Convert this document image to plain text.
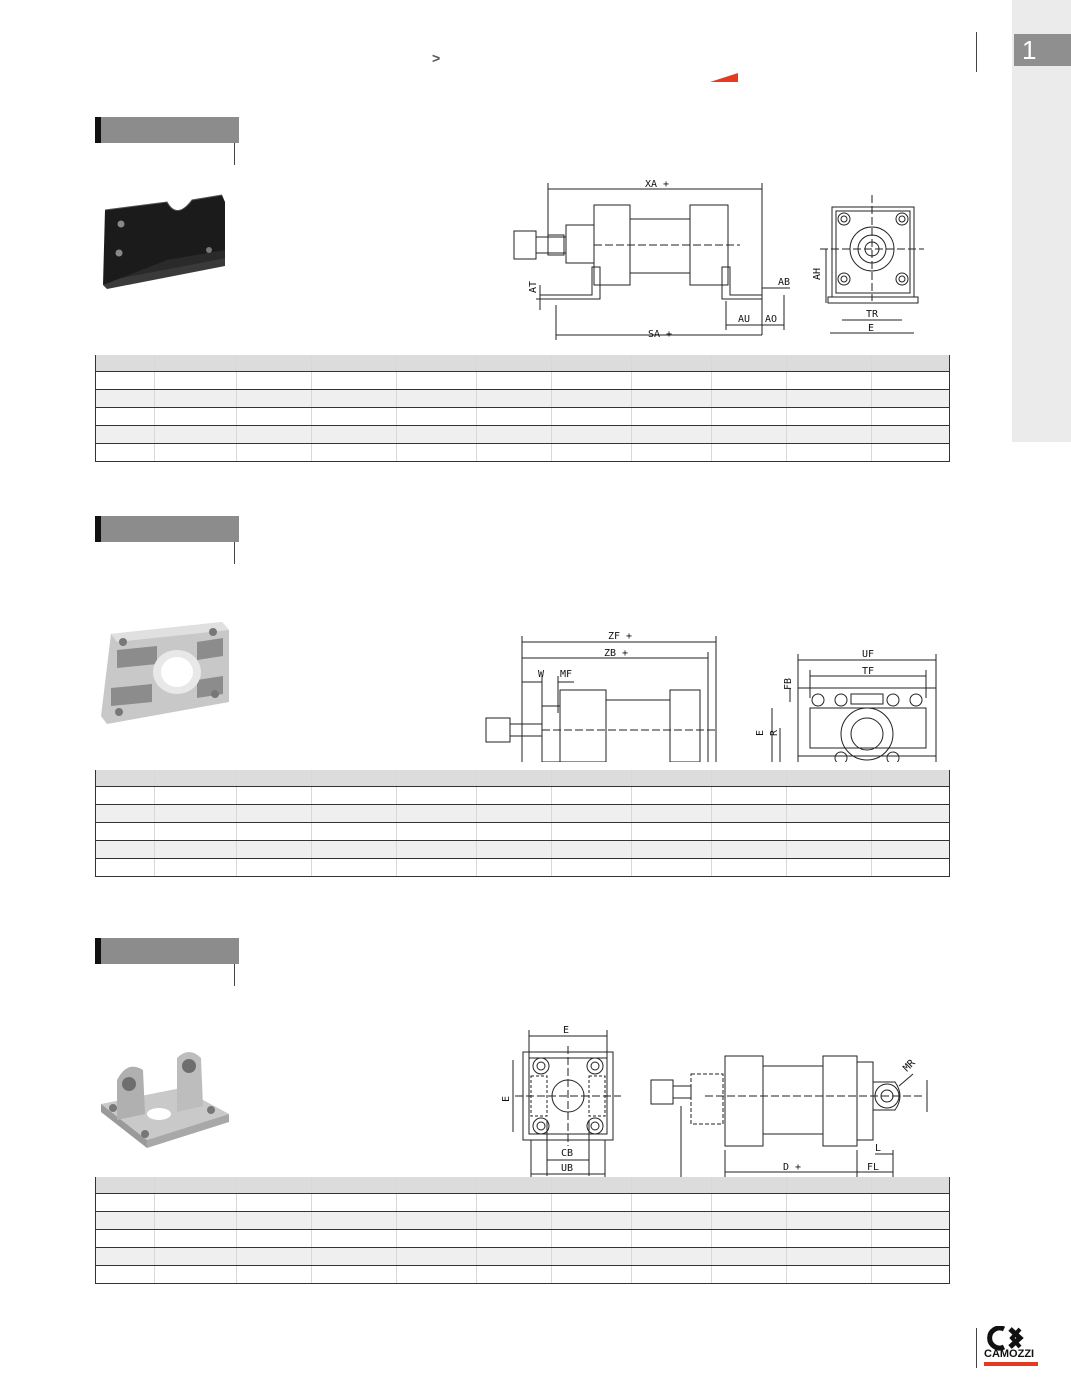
1
>
XA +
AB
AH
AT
AU AO
SA +
TR
E
ZF +
ZB +
W MF
UF
TF
FB
E R
E
E
CB
UB
MR
L
D +	FL
CAMOZZI
